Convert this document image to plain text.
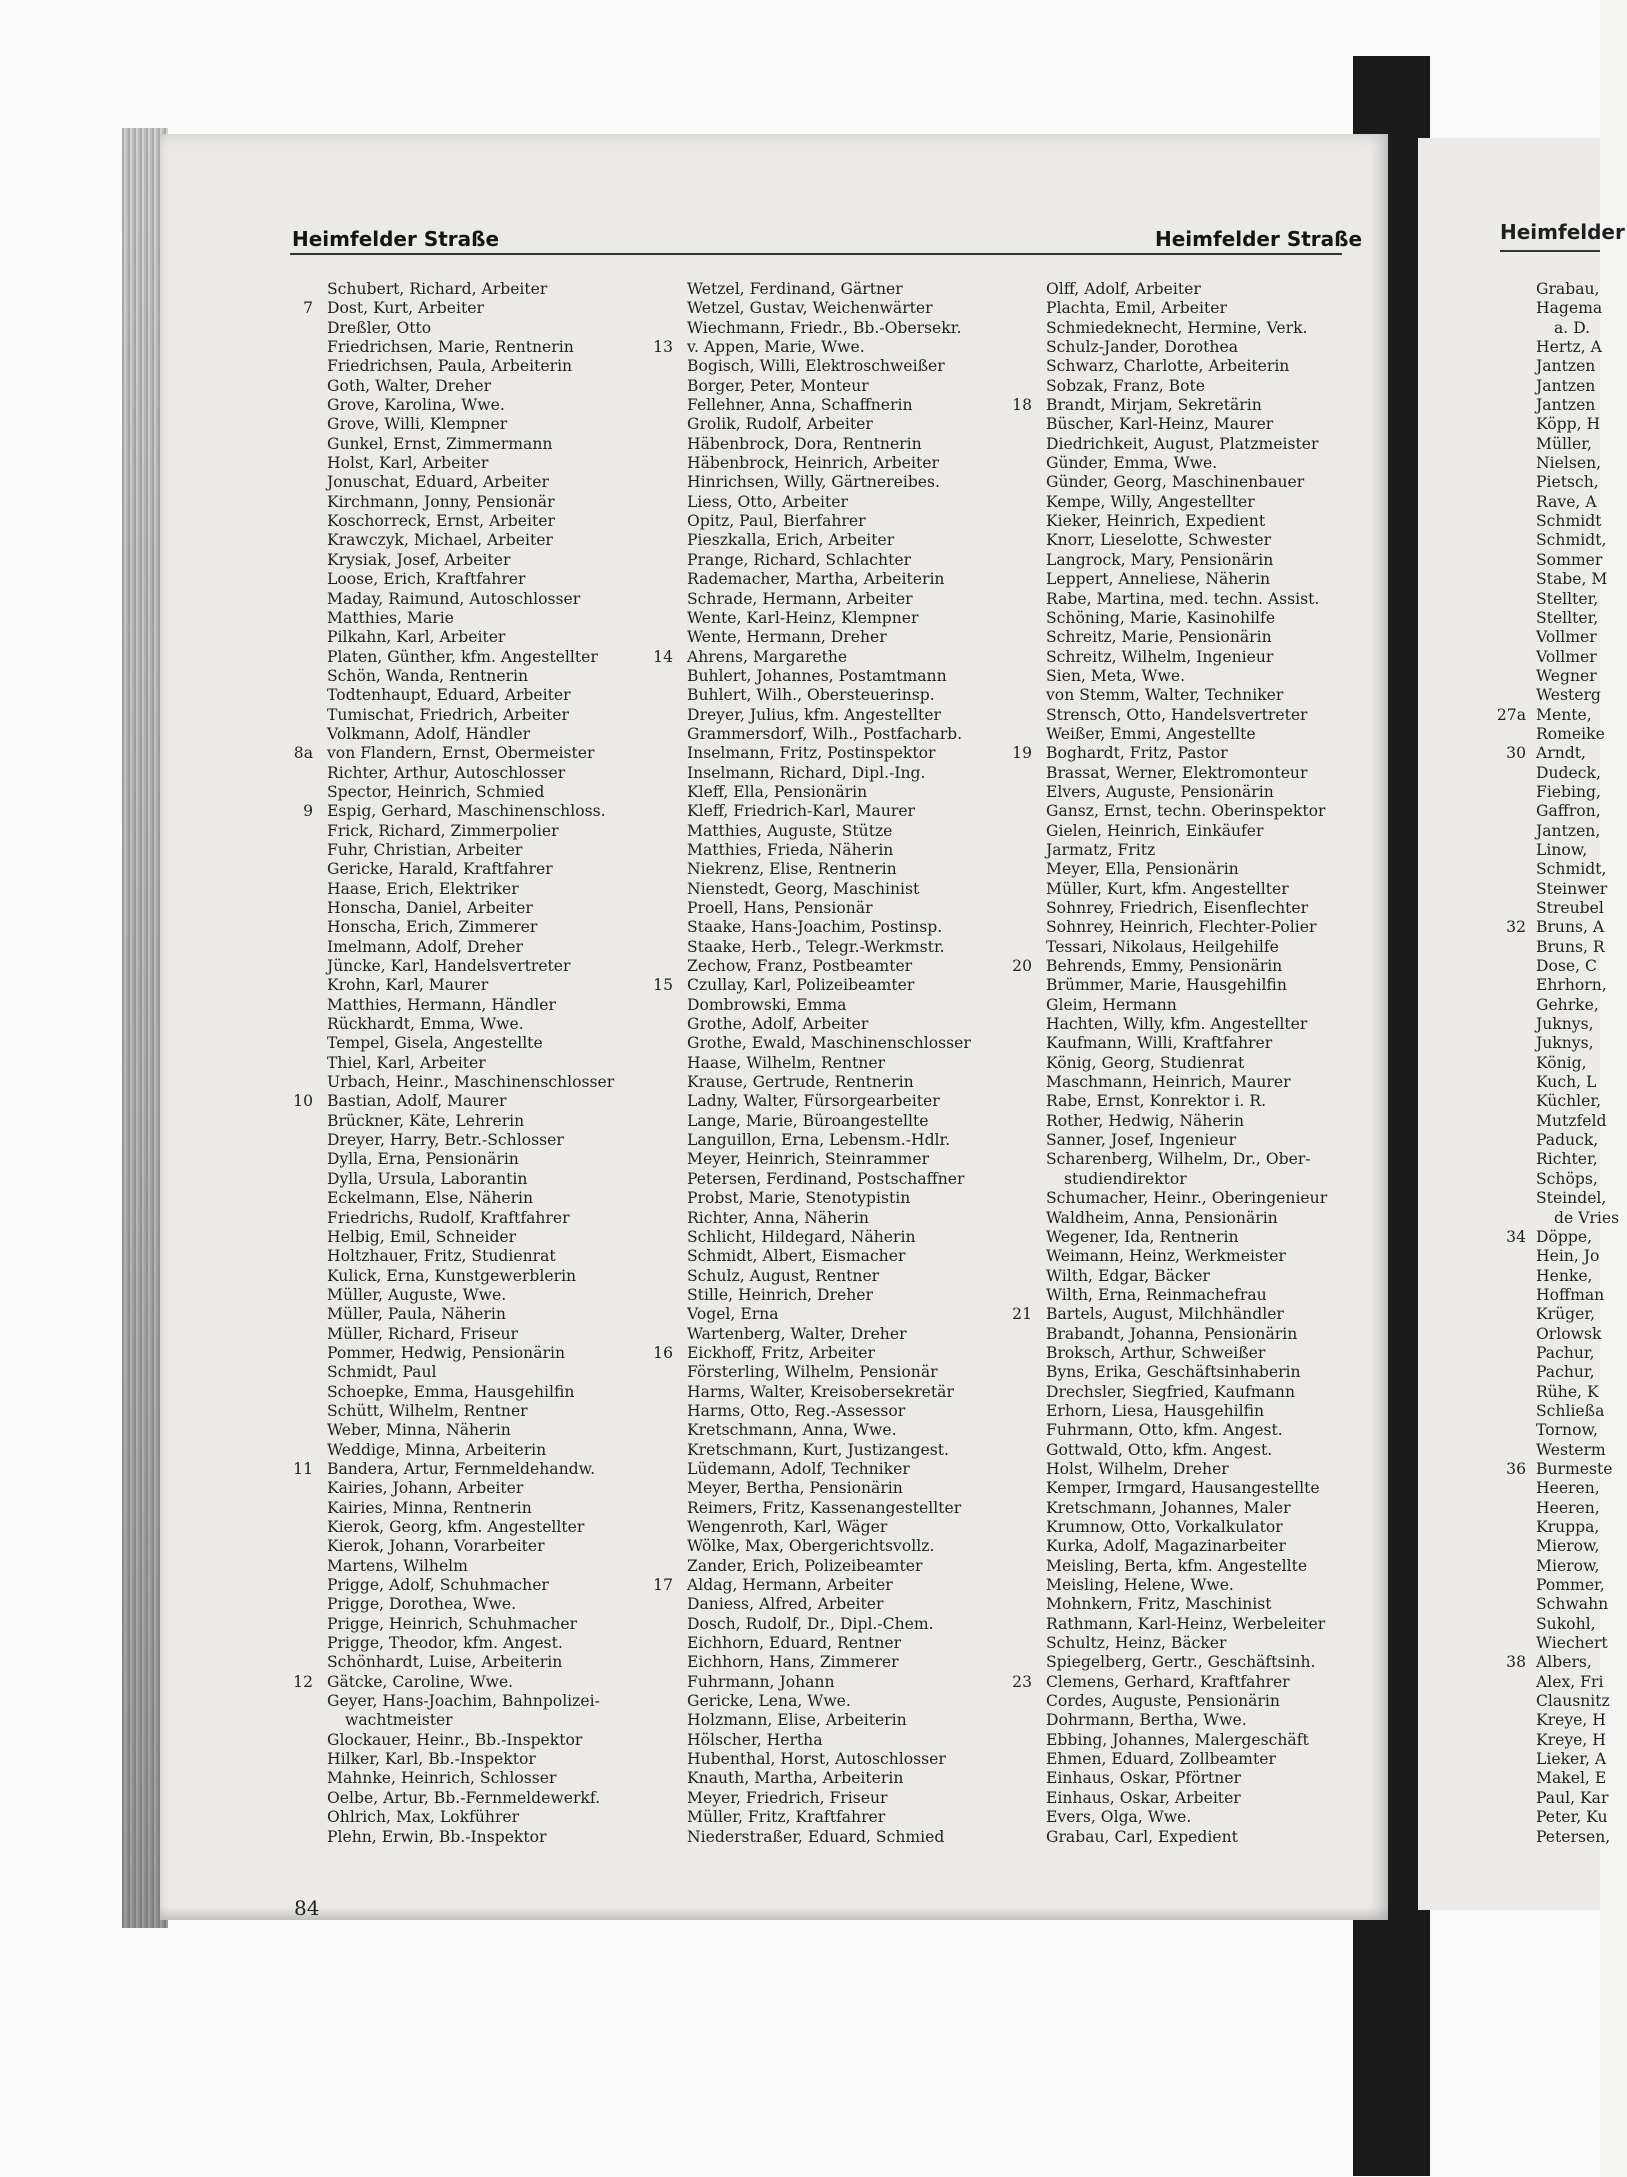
Heimfelder Straße	Heimfelder Straße
Schubert, Richard, Arbeiter
7 Dost, Kurt, Arbeiter
Dreßler, Otto
Friedrichsen, Marie, Rentnerin
Friedrichsen, Paula, Arbeiterin
Goth, Walter, Dreher
Grove, Karolina, Wwe.
Grove, Willi, Klempner
Gunkel, Ernst, Zimmermann
Holst, Karl, Arbeiter
Jonuschat, Eduard, Arbeiter
Kirchmann, Jonny, Pensionär
Koschorreck, Ernst, Arbeiter
Krawczyk, Michael, Arbeiter
Krysiak, Josef, Arbeiter
Loose, Erich, Kraftfahrer
Maday, Raimund, Autoschlosser
Matthies, Marie
Pilkahn, Karl, Arbeiter
Platen, Günther, kfm. Angestellter
Schön, Wanda, Rentnerin
Todtenhaupt, Eduard, Arbeiter
Tumischat, Friedrich, Arbeiter
Volkmann, Adolf, Händler
8a von Flandern, Ernst, Obermeister
Richter, Arthur, Autoschlosser
Spector, Heinrich, Schmied
9 Espig, Gerhard, Maschinenschloss.
Frick, Richard, Zimmerpolier
Fuhr, Christian, Arbeiter
Gericke, Harald, Kraftfahrer
Haase, Erich, Elektriker
Honscha, Daniel, Arbeiter
Honscha, Erich, Zimmerer
Imelmann, Adolf, Dreher
Jüncke, Karl, Handelsvertreter
Krohn, Karl, Maurer
Matthies, Hermann, Händler
Rückhardt, Emma, Wwe.
Tempel, Gisela, Angestellte
Thiel, Karl, Arbeiter
Urbach, Heinr., Maschinenschlosser
10 Bastian, Adolf, Maurer
Brückner, Käte, Lehrerin
Dreyer, Harry, Betr.-Schlosser
Dylla, Erna, Pensionärin
Dylla, Ursula, Laborantin
Eckelmann, Else, Näherin
Friedrichs, Rudolf, Kraftfahrer
Helbig, Emil, Schneider
Holtzhauer, Fritz, Studienrat
Kulick, Erna, Kunstgewerblerin
Müller, Auguste, Wwe.
Müller, Paula, Näherin
Müller, Richard, Friseur
Pommer, Hedwig, Pensionärin
Schmidt, Paul
Schoepke, Emma, Hausgehilfin
Schütt, Wilhelm, Rentner
Weber, Minna, Näherin
Weddige, Minna, Arbeiterin
11 Bandera, Artur, Fernmeldehandw.
Kairies, Johann, Arbeiter
Kairies, Minna, Rentnerin
Kierok, Georg, kfm. Angestellter
Kierok, Johann, Vorarbeiter
Martens, Wilhelm
Prigge, Adolf, Schuhmacher
Prigge, Dorothea, Wwe.
Prigge, Heinrich, Schuhmacher
Prigge, Theodor, kfm. Angest.
Schönhardt, Luise, Arbeiterin
12 Gätcke, Caroline, Wwe.
Geyer, Hans-Joachim, Bahnpolizei-
wachtmeister
Glockauer, Heinr., Bb.-Inspektor
Hilker, Karl, Bb.-Inspektor
Mahnke, Heinrich, Schlosser
Oelbe, Artur, Bb.-Fernmeldewerkf.
Ohlrich, Max, Lokführer
Plehn, Erwin, Bb.-Inspektor
Wetzel, Ferdinand, Gärtner
Wetzel, Gustav, Weichenwärter
Wiechmann, Friedr., Bb.-Obersekr.
13 v. Appen, Marie, Wwe.
Bogisch, Willi, Elektroschweißer
Borger, Peter, Monteur
Fellehner, Anna, Schaffnerin
Grolik, Rudolf, Arbeiter
Häbenbrock, Dora, Rentnerin
Häbenbrock, Heinrich, Arbeiter
Hinrichsen, Willy, Gärtnereibes.
Liess, Otto, Arbeiter
Opitz, Paul, Bierfahrer
Pieszkalla, Erich, Arbeiter
Prange, Richard, Schlachter
Rademacher, Martha, Arbeiterin
Schrade, Hermann, Arbeiter
Wente, Karl-Heinz, Klempner
Wente, Hermann, Dreher
14 Ahrens, Margarethe
Buhlert, Johannes, Postamtmann
Buhlert, Wilh., Obersteuerinsp.
Dreyer, Julius, kfm. Angestellter
Grammersdorf, Wilh., Postfacharb.
Inselmann, Fritz, Postinspektor
Inselmann, Richard, Dipl.-Ing.
Kleff, Ella, Pensionärin
Kleff, Friedrich-Karl, Maurer
Matthies, Auguste, Stütze
Matthies, Frieda, Näherin
Niekrenz, Elise, Rentnerin
Nienstedt, Georg, Maschinist
Proell, Hans, Pensionär
Staake, Hans-Joachim, Postinsp.
Staake, Herb., Telegr.-Werkmstr.
Zechow, Franz, Postbeamter
15 Czullay, Karl, Polizeibeamter
Dombrowski, Emma
Grothe, Adolf, Arbeiter
Grothe, Ewald, Maschinenschlosser
Haase, Wilhelm, Rentner
Krause, Gertrude, Rentnerin
Ladny, Walter, Fürsorgearbeiter
Lange, Marie, Büroangestellte
Languillon, Erna, Lebensm.-Hdlr.
Meyer, Heinrich, Steinrammer
Petersen, Ferdinand, Postschaffner
Probst, Marie, Stenotypistin
Richter, Anna, Näherin
Schlicht, Hildegard, Näherin
Schmidt, Albert, Eismacher
Schulz, August, Rentner
Stille, Heinrich, Dreher
Vogel, Erna
Wartenberg, Walter, Dreher
16 Eickhoff, Fritz, Arbeiter
Försterling, Wilhelm, Pensionär
Harms, Walter, Kreisobersekretär
Harms, Otto, Reg.-Assessor
Kretschmann, Anna, Wwe.
Kretschmann, Kurt, Justizangest.
Lüdemann, Adolf, Techniker
Meyer, Bertha, Pensionärin
Reimers, Fritz, Kassenangestellter
Wengenroth, Karl, Wäger
Wölke, Max, Obergerichtsvollz.
Zander, Erich, Polizeibeamter
17 Aldag, Hermann, Arbeiter
Daniess, Alfred, Arbeiter
Dosch, Rudolf, Dr., Dipl.-Chem.
Eichhorn, Eduard, Rentner
Eichhorn, Hans, Zimmerer
Fuhrmann, Johann
Gericke, Lena, Wwe.
Holzmann, Elise, Arbeiterin
Hölscher, Hertha
Hubenthal, Horst, Autoschlosser
Knauth, Martha, Arbeiterin
Meyer, Friedrich, Friseur
Müller, Fritz, Kraftfahrer
Niederstraßer, Eduard, Schmied
Olff, Adolf, Arbeiter
Plachta, Emil, Arbeiter
Schmiedeknecht, Hermine, Verk.
Schulz-Jander, Dorothea
Schwarz, Charlotte, Arbeiterin
Sobzak, Franz, Bote
18 Brandt, Mirjam, Sekretärin
Büscher, Karl-Heinz, Maurer
Diedrichkeit, August, Platzmeister
Günder, Emma, Wwe.
Günder, Georg, Maschinenbauer
Kempe, Willy, Angestellter
Kieker, Heinrich, Expedient
Knorr, Lieselotte, Schwester
Langrock, Mary, Pensionärin
Leppert, Anneliese, Näherin
Rabe, Martina, med. techn. Assist.
Schöning, Marie, Kasinohilfe
Schreitz, Marie, Pensionärin
Schreitz, Wilhelm, Ingenieur
Sien, Meta, Wwe.
von Stemm, Walter, Techniker
Strensch, Otto, Handelsvertreter
Weißer, Emmi, Angestellte
19 Boghardt, Fritz, Pastor
Brassat, Werner, Elektromonteur
Elvers, Auguste, Pensionärin
Gansz, Ernst, techn. Oberinspektor
Gielen, Heinrich, Einkäufer
Jarmatz, Fritz
Meyer, Ella, Pensionärin
Müller, Kurt, kfm. Angestellter
Sohnrey, Friedrich, Eisenflechter
Sohnrey, Heinrich, Flechter-Polier
Tessari, Nikolaus, Heilgehilfe
20 Behrends, Emmy, Pensionärin
Brümmer, Marie, Hausgehilfin
Gleim, Hermann
Hachten, Willy, kfm. Angestellter
Kaufmann, Willi, Kraftfahrer
König, Georg, Studienrat
Maschmann, Heinrich, Maurer
Rabe, Ernst, Konrektor i. R.
Rother, Hedwig, Näherin
Sanner, Josef, Ingenieur
Scharenberg, Wilhelm, Dr., Ober-
studiendirektor
Schumacher, Heinr., Oberingenieur
Waldheim, Anna, Pensionärin
Wegener, Ida, Rentnerin
Weimann, Heinz, Werkmeister
Wilth, Edgar, Bäcker
Wilth, Erna, Reinmachefrau
21 Bartels, August, Milchhändler
Brabandt, Johanna, Pensionärin
Broksch, Arthur, Schweißer
Byns, Erika, Geschäftsinhaberin
Drechsler, Siegfried, Kaufmann
Erhorn, Liesa, Hausgehilfin
Fuhrmann, Otto, kfm. Angest.
Gottwald, Otto, kfm. Angest.
Holst, Wilhelm, Dreher
Kemper, Irmgard, Hausangestellte
Kretschmann, Johannes, Maler
Krumnow, Otto, Vorkalkulator
Kurka, Adolf, Magazinarbeiter
Meisling, Berta, kfm. Angestellte
Meisling, Helene, Wwe.
Mohnkern, Fritz, Maschinist
Rathmann, Karl-Heinz, Werbeleiter
Schultz, Heinz, Bäcker
Spiegelberg, Gertr., Geschäftsinh.
23 Clemens, Gerhard, Kraftfahrer
Cordes, Auguste, Pensionärin
Dohrmann, Bertha, Wwe.
Ebbing, Johannes, Malergeschäft
Ehmen, Eduard, Zollbeamter
Einhaus, Oskar, Pförtner
Einhaus, Oskar, Arbeiter
Evers, Olga, Wwe.
Grabau, Carl, Expedient
84
Heimfelder
Grabau,
Hagema
a. D.
Hertz, A
Jantzen
Jantzen
Jantzen
Köpp, H
Müller,
Nielsen,
Pietsch,
Rave, A
Schmidt
Schmidt,
Sommer
Stabe, M
Stellter,
Stellter,
Vollmer
Vollmer
Wegner
Westerg
27a Mente,
Romeike
30 Arndt,
Dudeck,
Fiebing,
Gaffron,
Jantzen,
Linow,
Schmidt,
Steinwer
Streubel
32 Bruns, A
Bruns, R
Dose, C
Ehrhorn,
Gehrke,
Juknys,
Juknys,
König,
Kuch, L
Küchler,
Mutzfeld
Paduck,
Richter,
Schöps,
Steindel,
de Vries
34 Döppe,
Hein, Jo
Henke,
Hoffman
Krüger,
Orlowsk
Pachur,
Pachur,
Rühe, K
Schließa
Tornow,
Westerm
36 Burmeste
Heeren,
Heeren,
Kruppa,
Mierow,
Mierow,
Pommer,
Schwahn
Sukohl,
Wiechert
38 Albers,
Alex, Fri
Clausnitz
Kreye, H
Kreye, H
Lieker, A
Makel, E
Paul, Kar
Peter, Ku
Petersen,
